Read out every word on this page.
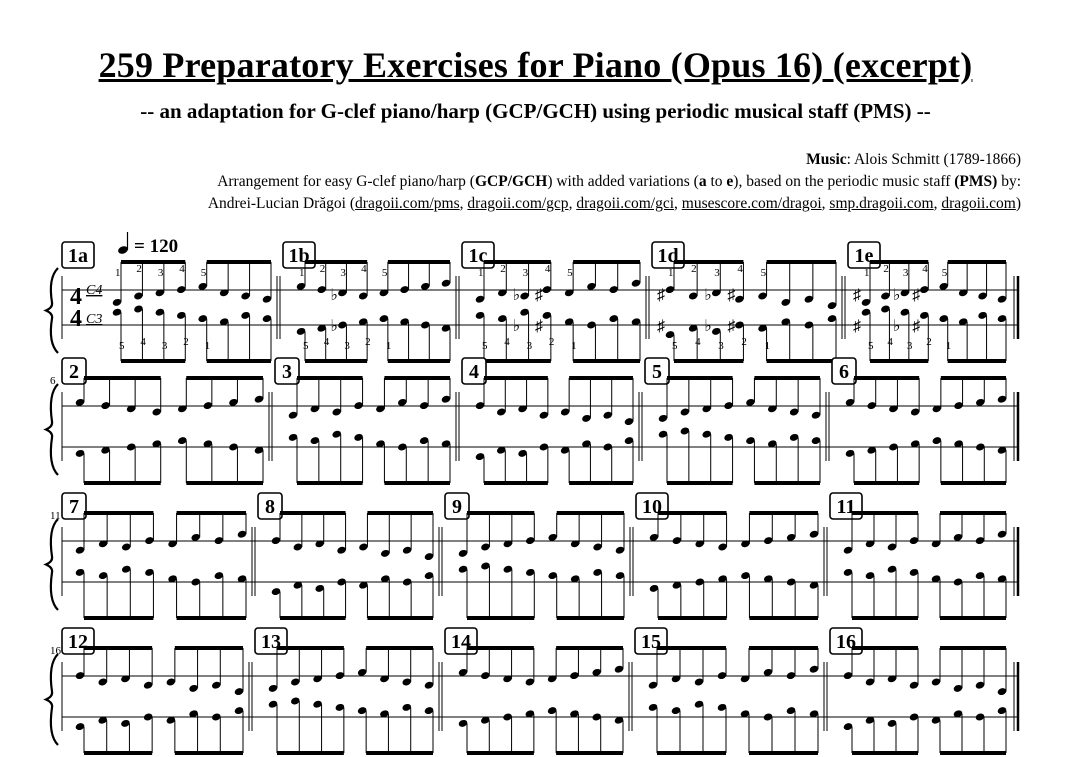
259 Preparatory Exercises for Piano (Opus 16) (excerpt)
-- an adaptation for G-clef piano/harp (GCP/GCH) using periodic musical staff (PMS) --
Music: Alois Schmitt (1789-1866)
Arrangement for easy G-clef piano/harp (GCP/GCH) with added variations (a to e), based on the periodic music staff (PMS) by:
Andrei-Lucian Drăgoi (dragoii.com/pms, dragoii.com/gcp, dragoii.com/gci, musescore.com/dragoi, smp.dragoii.com, dragoii.com)
1a
1
5
2
4
3
3
4
2
5
1
1b
1
5
2
4
3
3
4
2
5
1
♭
♭
1c
1
5
2
4
3
3
4
2
5
1
♭
♭
♯
♯
1d
1
5
2
4
3
3
4
2
5
1
♭
♭
♯
♯
♯
♯
1e
1
5
2
4
3
3
4
2
5
1
♭
♭
♯
♯
♯
♯
4
4
C4
C3
= 120
6 2	3	4	5	6
11 7	8	9	10	11
16 12	13	14	15	16
